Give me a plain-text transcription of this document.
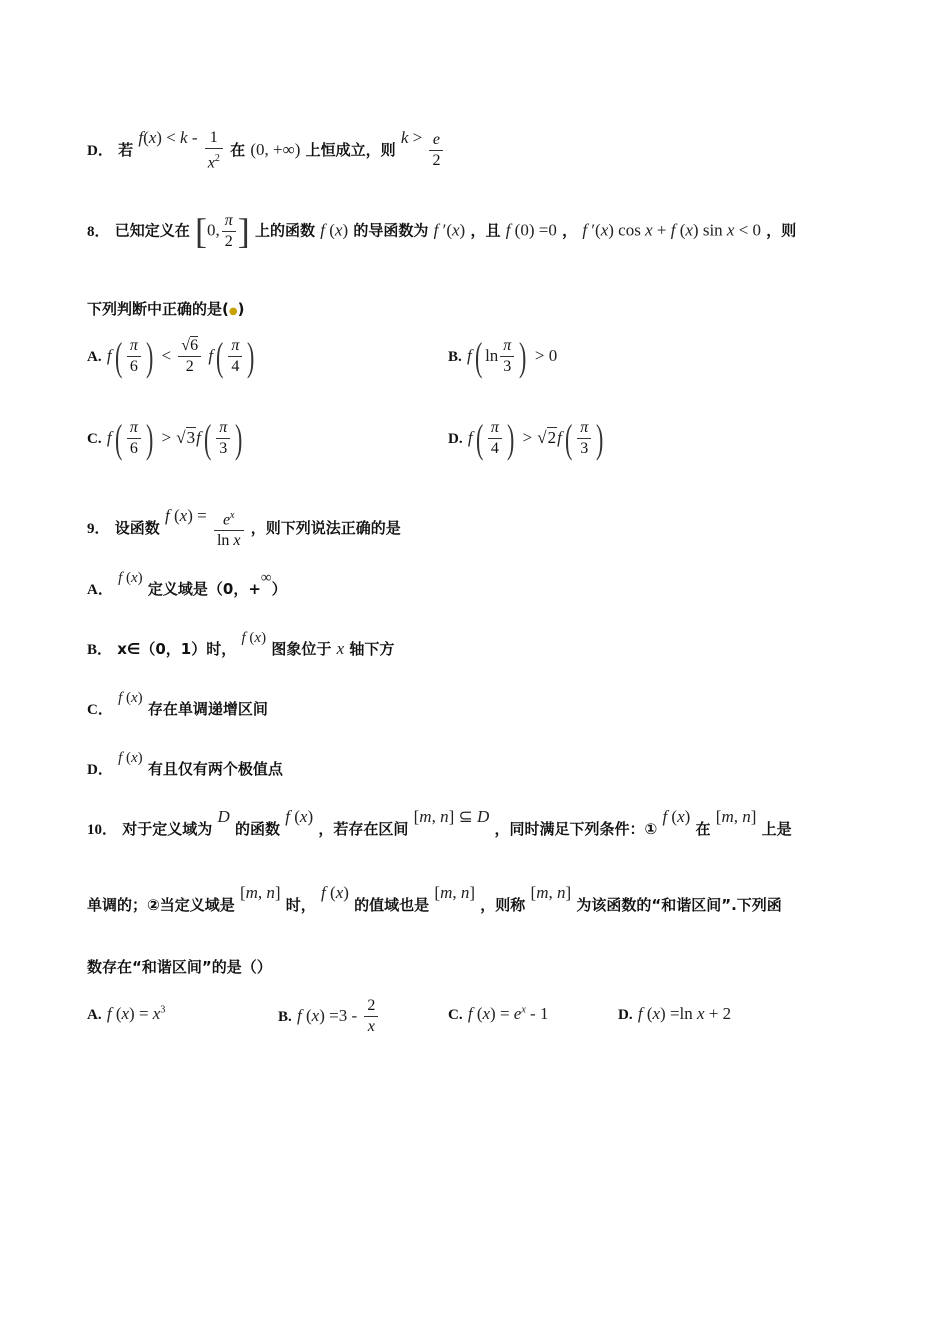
D． 若 $f(x) < k - \frac{1}{x^2}$ 在 (0, +∞) 上恒成立，则 $k > \frac{e}{2}$
8． 已知定义在 [0, $\frac{\pi}{2}$ ] 上的函数 f (x) 的导函数为 f ′(x) ，且 f (0) =0 ， f ′(x) cos x + f (x) sin x < 0 ，则
下列判断中正确的是(●)
A. $f( \frac{\pi}{6}$ ) < $\frac{√6}{2} f( \frac{\pi}{4}$ )	B. f( $\ln \frac{\pi}{3}$ ) > 0
C. $f( \frac{\pi}{6}$ ) > $√3f( \frac{\pi}{3}$ )	D. $f( \frac{\pi}{4}$ ) > $√2f( \frac{\pi}{3}$ )
9． 设函数 f $(x) = \frac{e^x}{\text{ln x}}$ ，则下列说法正确的是
A． f (x) 定义域是（0，+∞）
B． x∈（0，1）时， f (x) 图象位于 x 轴下方
C． f (x) 存在单调递增区间
D． f (x) 有且仅有两个极值点
10． 对于定义域为 D 的函数 f (x) ，若存在区间 [m, n] ⊆ D ，同时满足下列条件：① f (x) 在 [m, n] 上是
单调的；②当定义域是 [m, n] 时， f (x) 的值域也是 [m, n] ，则称 [m, n] 为该函数的“和谐区间”.下列函
数存在“和谐区间”的是（）
A. f $(x) = x^3$	B. f $(x) =3 - \frac{2}{x}$	C. f $(x) = e^x - 1$	D. f (x) =ln x + 2
